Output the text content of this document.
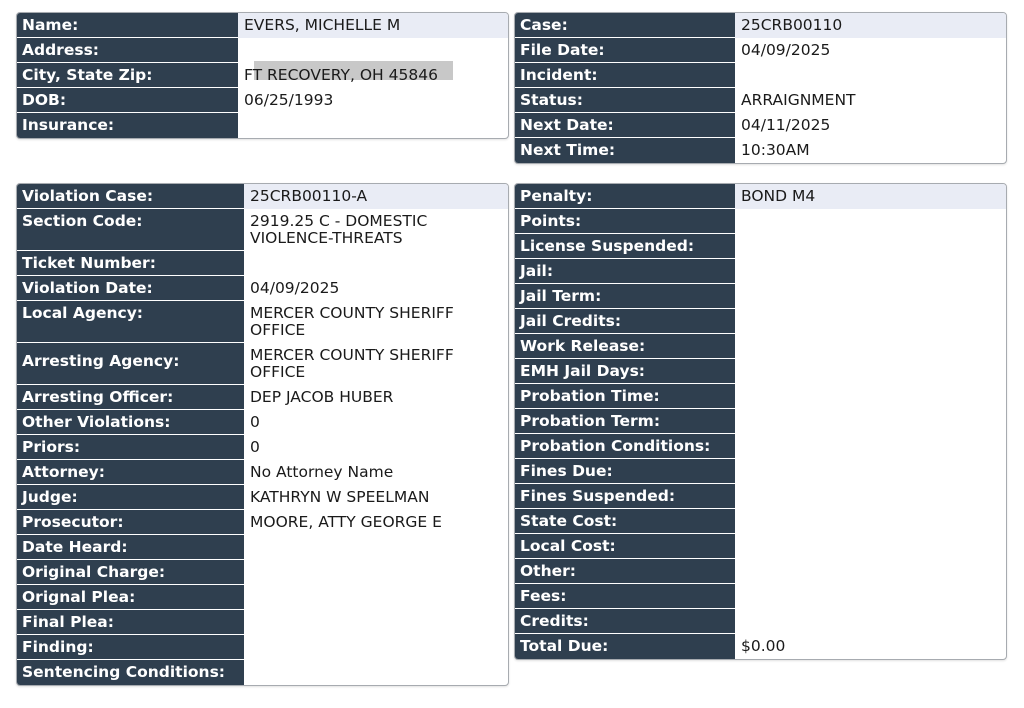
Name:	EVERS, MICHELLE M
Address:

City, State Zip:	FT RECOVERY, OH 45846
DOB:	06/25/1993
Insurance:
Case:	25CRB00110
File Date:	04/09/2025
Incident:
Status:	ARRAIGNMENT
Next Date:	04/11/2025
Next Time:	10:30AM
Violation Case:	25CRB00110-A
Section Code:	2919.25 C - DOMESTIC
VIOLENCE-THREATS
Ticket Number:
Violation Date:	04/09/2025
Local Agency:	MERCER COUNTY SHERIFF
OFFICE
Arresting Agency:	MERCER COUNTY SHERIFF
OFFICE
Arresting Officer:	DEP JACOB HUBER
Other Violations:	0
Priors:	0
Attorney:	No Attorney Name
Judge:	KATHRYN W SPEELMAN
Prosecutor:	MOORE, ATTY GEORGE E
Date Heard:
Original Charge:
Orignal Plea:
Final Plea:
Finding:
Sentencing Conditions:
Penalty:	BOND M4
Points:
License Suspended:
Jail:
Jail Term:
Jail Credits:
Work Release:
EMH Jail Days:
Probation Time:
Probation Term:
Probation Conditions:
Fines Due:
Fines Suspended:
State Cost:
Local Cost:
Other:
Fees:
Credits:
Total Due:	$0.00
